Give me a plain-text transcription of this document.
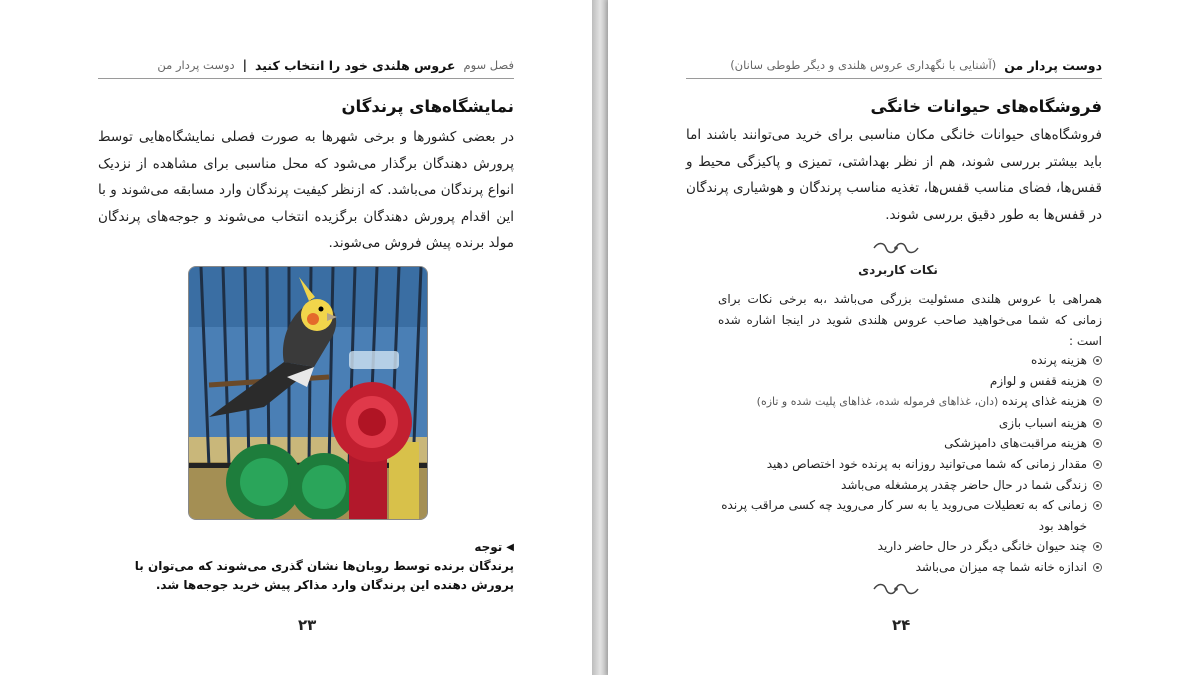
فصل سوم
عروس هلندی خود را انتخاب کنید
|
دوست پردار من
نمایشگاه‌های پرندگان
در بعضی کشورها و برخی شهرها به صورت فصلی نمایشگاه‌هایی توسط پرورش دهندگان برگذار می‌شود که محل مناسبی برای مشاهده از نزدیک انواع پرندگان می‌باشد. که ازنظر کیفیت پرندگان وارد مسابقه می‌شوند و با این اقدام پرورش دهندگان برگزیده انتخاب می‌شوند و جوجه‌های پرندگان مولد برنده پیش فروش می‌شوند.
◀
توجه
پرندگان برنده توسط روبان‌ها نشان گذری می‌شوند که می‌توان با پرورش دهنده این پرندگان وارد مذاکر پیش خرید جوجه‌ها شد.
۲۳
دوست پردار من
(آشنایی با نگهداری عروس هلندی و دیگر طوطی سانان)
فروشگاه‌های حیوانات خانگی
فروشگاه‌های حیوانات خانگی مکان مناسبی برای خرید می‌توانند باشند اما باید بیشتر بررسی شوند، هم از نظر بهداشتی، تمیزی و پاکیزگی محیط و قفس‌ها، فضای مناسب قفس‌ها، تغذیه مناسب پرندگان و هوشیاری پرندگان در قفس‌ها به طور دقیق بررسی شوند.
نکات کاربردی
همراهی با عروس هلندی مسئولیت بزرگی می‌باشد ،به برخی نکات برای زمانی که شما می‌خواهید صاحب عروس هلندی شوید در اینجا اشاره شده است :
هزینه پرنده
هزینه قفس و لوازم
هزینه غذای پرنده (دان، غذاهای فرموله شده، غذاهای پلیت شده و تازه)
هزینه اسباب بازی
هزینه مراقبت‌های دامپزشکی
مقدار زمانی که شما می‌توانید روزانه به پرنده خود اختصاص دهید
زندگی شما در حال حاضر چقدر پرمشغله می‌باشد
زمانی که به تعطیلات می‌روید یا به سر کار می‌روید چه کسی مراقب پرنده خواهد بود
چند حیوان خانگی دیگر در حال حاضر دارید
اندازه خانه شما چه میزان می‌باشد
۲۴
